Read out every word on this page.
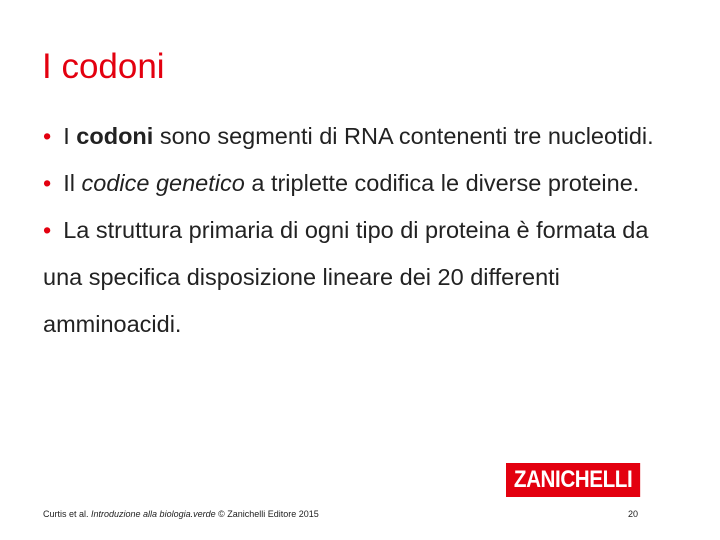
I codoni
• I codoni sono segmenti di RNA contenenti tre nucleotidi.
• Il codice genetico a triplette codifica le diverse proteine.
• La struttura primaria di ogni tipo di proteina è formata da una specifica disposizione lineare dei 20 differenti amminoacidi.
ZANICHELLI
Curtis et al. Introduzione alla biologia.verde © Zanichelli Editore 2015	20
